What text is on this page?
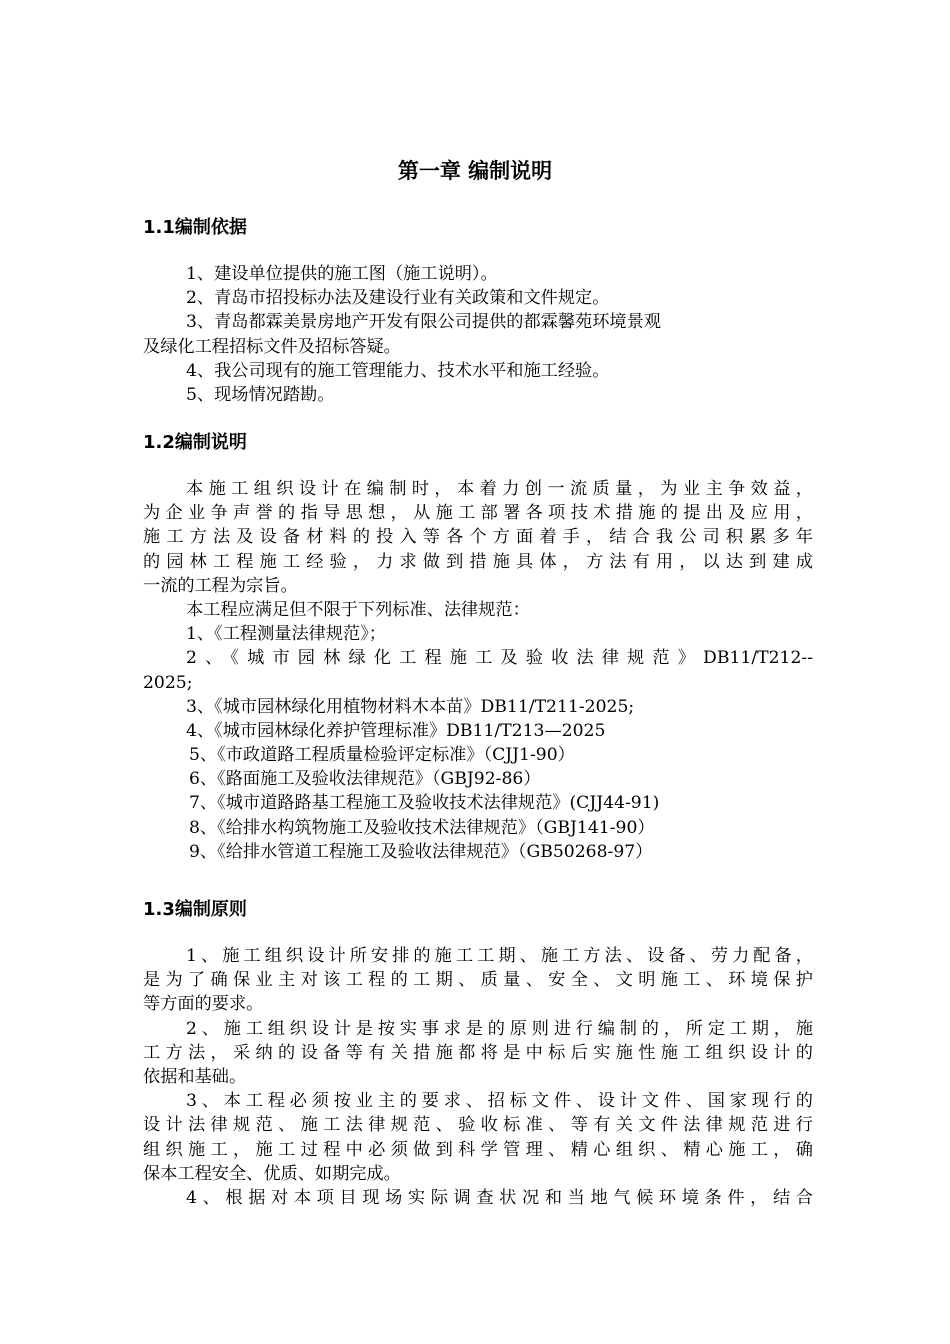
第一章 编制说明
1.1编制依据
1、建设单位提供的施工图（施工说明）。
2、青岛市招投标办法及建设行业有关政策和文件规定。
3、青岛都霖美景房地产开发有限公司提供的都霖馨苑环境景观
及绿化工程招标文件及招标答疑。
4、我公司现有的施工管理能力、技术水平和施工经验。
5、现场情况踏勘。
1.2编制说明
本施工组织设计在编制时，本着力创一流质量，为业主争效益，
为企业争声誉的指导思想，从施工部署各项技术措施的提出及应用，
施工方法及设备材料的投入等各个方面着手，结合我公司积累多年
的园林工程施工经验，力求做到措施具体，方法有用，以达到建成
一流的工程为宗旨。
本工程应满足但不限于下列标准、法律规范：
1、《工程测量法律规范》；
2、《城市园林绿化工程施工及验收法律规范》DB11/T212--
2025;
3、《城市园林绿化用植物材料木本苗》DB11/T211-2025;
4、《城市园林绿化养护管理标准》DB11/T213—2025
5、《市政道路工程质量检验评定标准》（CJJ1-90）
6、《路面施工及验收法律规范》（GBJ92-86）
7、《城市道路路基工程施工及验收技术法律规范》(CJJ44-91)
8、《给排水构筑物施工及验收技术法律规范》（GBJ141-90）
9、《给排水管道工程施工及验收法律规范》（GB50268-97）
1.3编制原则
1、施工组织设计所安排的施工工期、施工方法、设备、劳力配备，
是为了确保业主对该工程的工期、质量、安全、文明施工、环境保护
等方面的要求。
2、施工组织设计是按实事求是的原则进行编制的，所定工期，施
工方法，采纳的设备等有关措施都将是中标后实施性施工组织设计的
依据和基础。
3、本工程必须按业主的要求、招标文件、设计文件、国家现行的
设计法律规范、施工法律规范、验收标准、等有关文件法律规范进行
组织施工，施工过程中必须做到科学管理、精心组织、精心施工，确
保本工程安全、优质、如期完成。
4、根据对本项目现场实际调查状况和当地气候环境条件，结合
